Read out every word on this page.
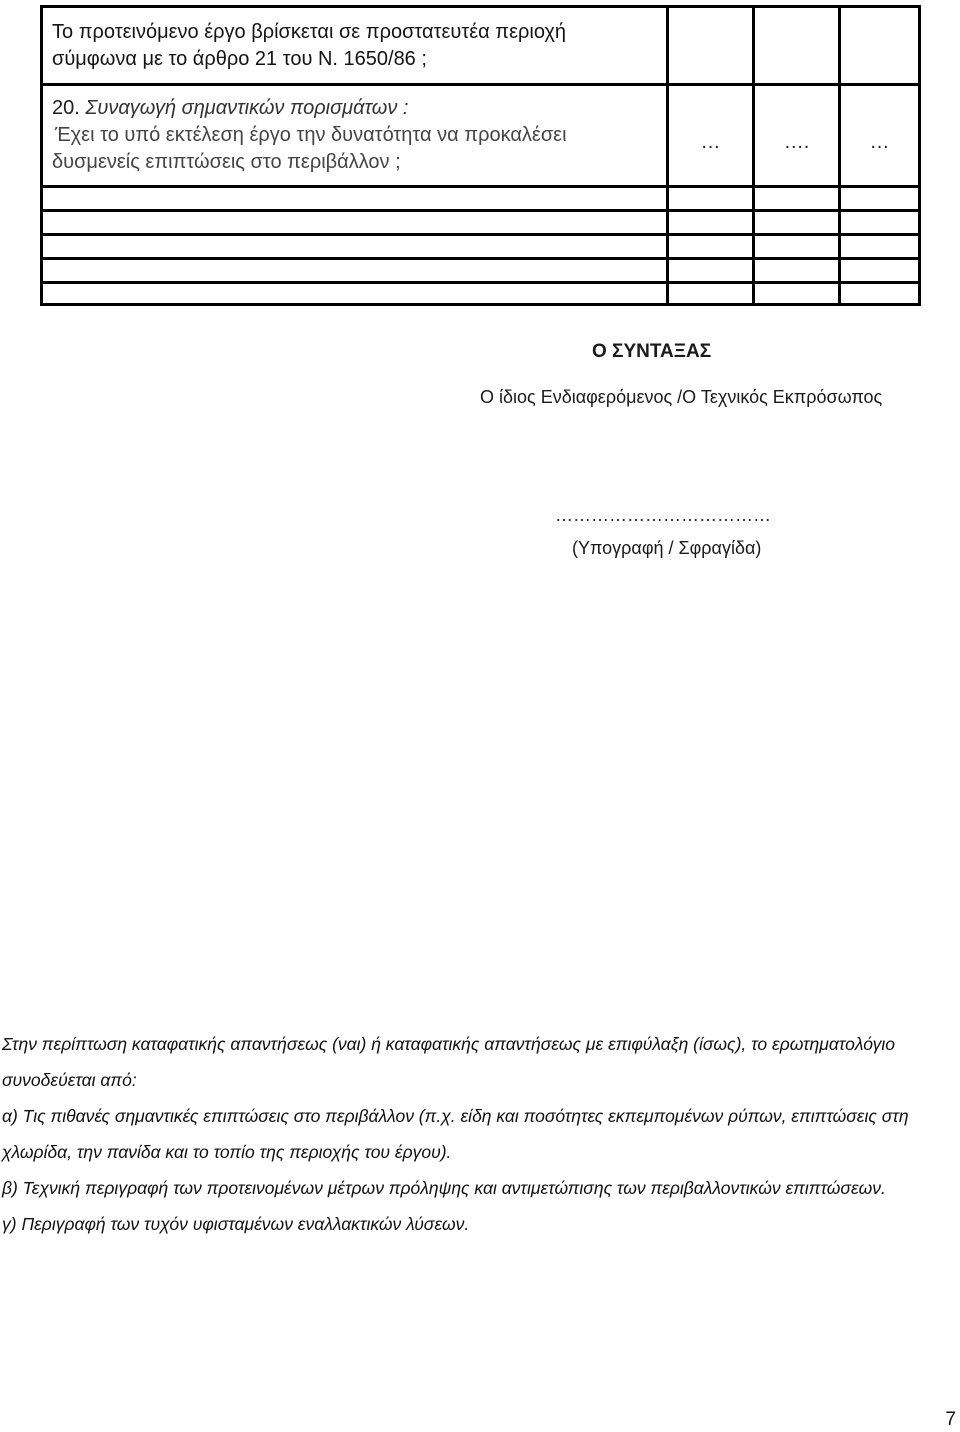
Το προτεινόμενο έργο βρίσκεται σε προστατευτέα περιοχή
σύμφωνα με το άρθρο 21 του Ν. 1650/86 ;			

20. Συναγωγή σημαντικών πορισμάτων :
Έχει το υπό εκτέλεση έργο την δυνατότητα να προκαλέσει
δυσμενείς επιπτώσεις στο περιβάλλον ;	…	….	…

Ο ΣΥΝΤΑΞΑΣ
Ο ίδιος Ενδιαφερόμενος /Ο Τεχνικός Εκπρόσωπος
………………………………
(Υπογραφή / Σφραγίδα)
Στην περίπτωση καταφατικής απαντήσεως (ναι) ή καταφατικής απαντήσεως με επιφύλαξη (ίσως), το ερωτηματολόγιο
συνοδεύεται από:
α) Τις πιθανές σημαντικές επιπτώσεις στο περιβάλλον (π.χ. είδη και ποσότητες εκπεμπομένων ρύπων, επιπτώσεις στη
χλωρίδα, την πανίδα και το τοπίο της περιοχής του έργου).
β) Τεχνική περιγραφή των προτεινομένων μέτρων πρόληψης και αντιμετώπισης των περιβαλλοντικών επιπτώσεων.
γ) Περιγραφή των τυχόν υφισταμένων εναλλακτικών λύσεων.
7
